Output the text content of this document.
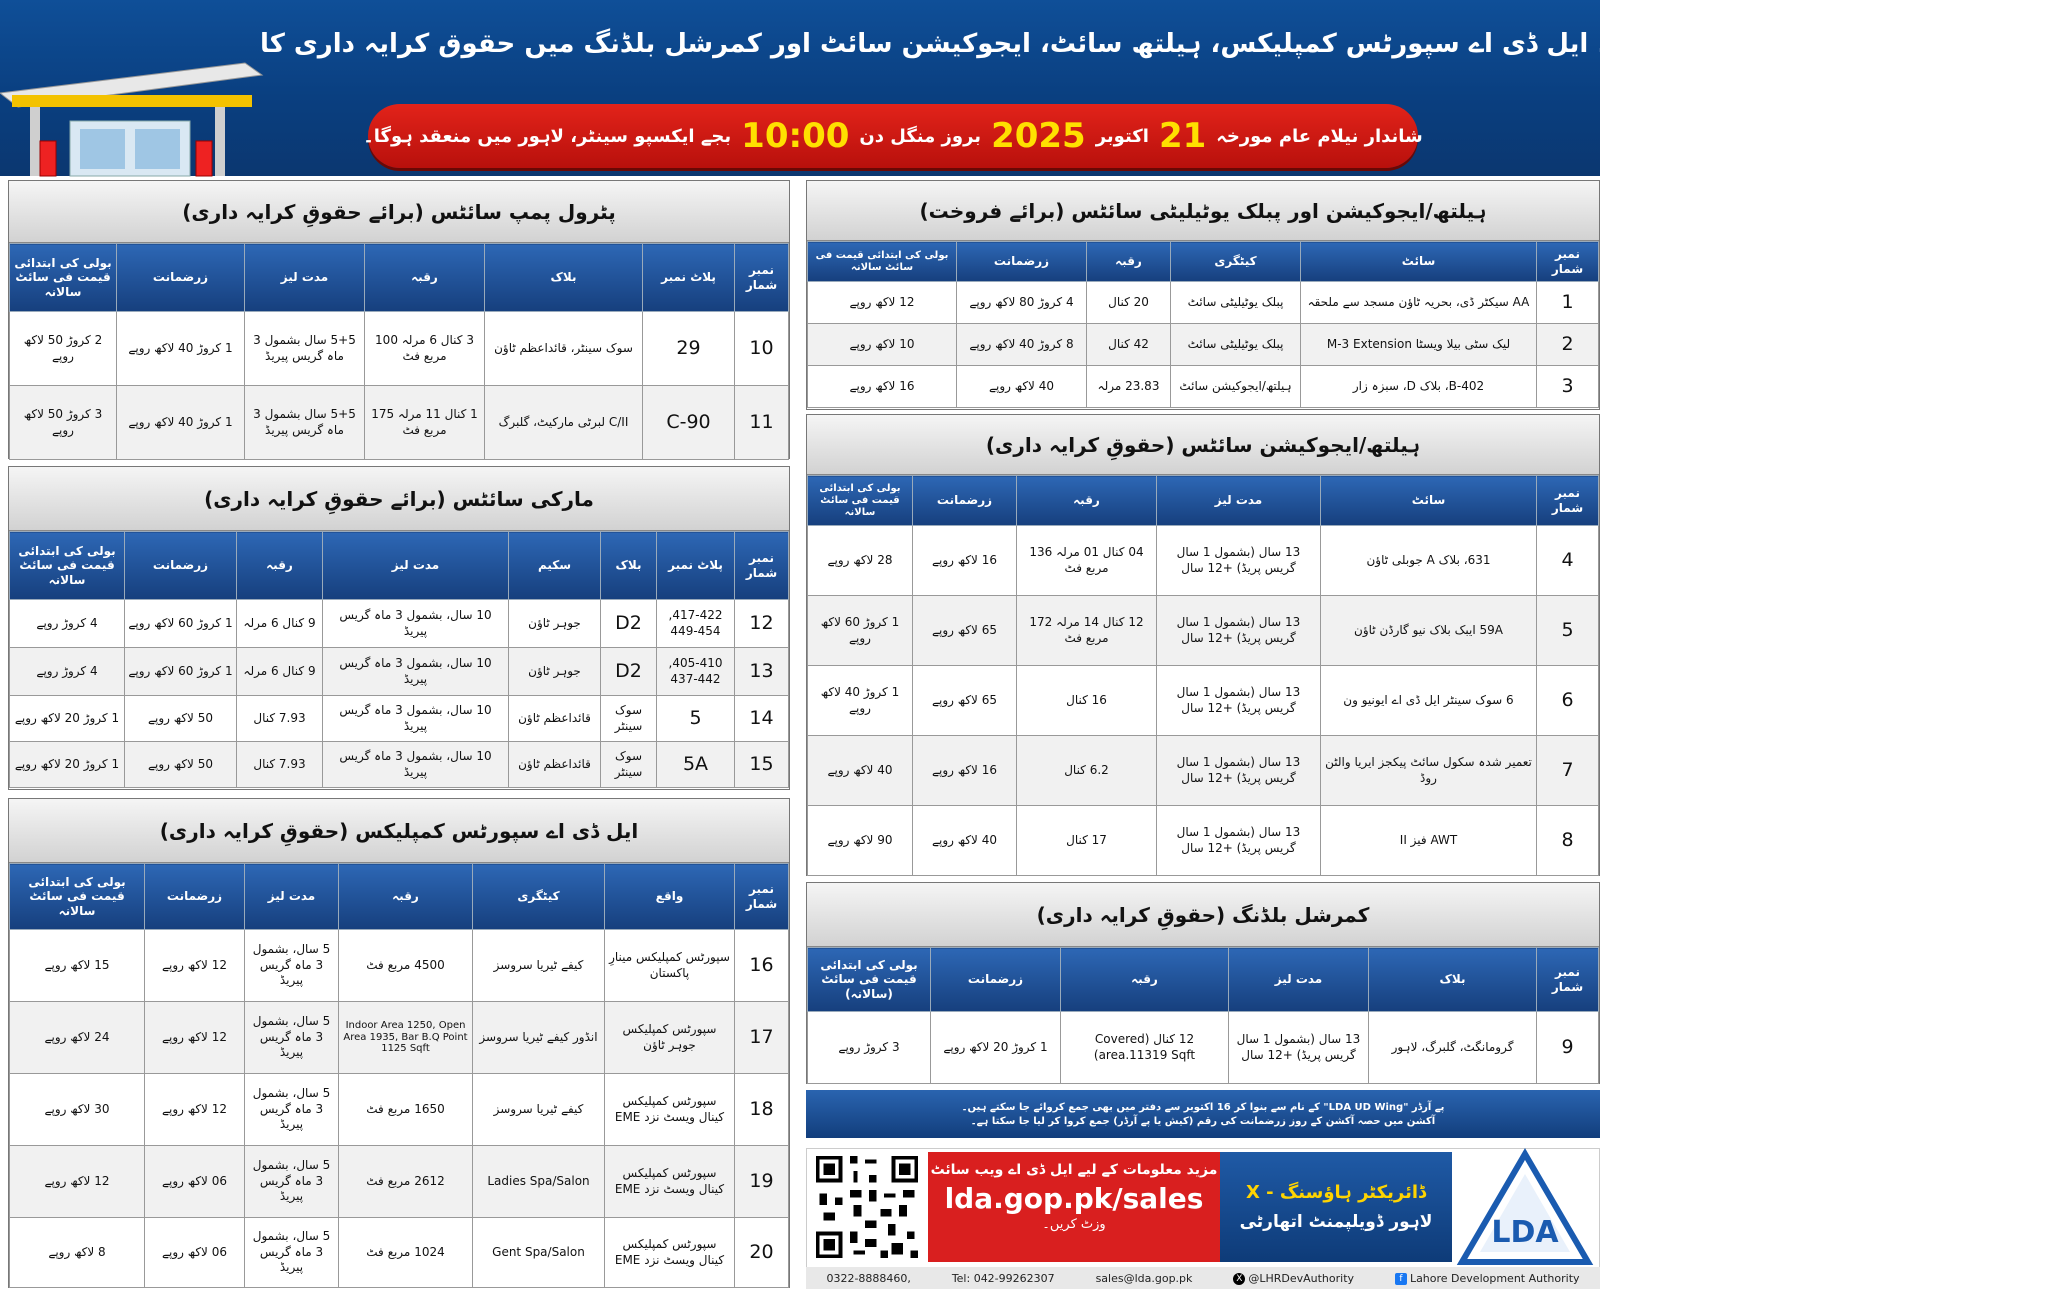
پیٹرول پمپ سائٹس، مارکی سائٹس، ایل ڈی اے سپورٹس کمپلیکس، ہیلتھ سائٹ، ایجوکیشن سائٹ اور کمرشل بلڈنگ میں حقوق کرایہ داری کا
شاندار نیلام عام مورخہ
21
اکتوبر
2025
بروز منگل دن
10:00
بجے ایکسپو سینٹر، لاہور میں منعقد ہوگا۔
پٹرول پمپ سائٹس (برائے حقوقِ کرایہ داری)
نمبر شمار	پلاٹ نمبر	بلاک	رقبہ	مدت لیز	زرضمانت	بولی کی ابتدائی قیمت فی سائٹ سالانہ
10	29	سوک سینٹر، قائداعظم ٹاؤن	3 کنال 6 مرلہ 100 مربع فٹ	5+5 سال بشمول 3 ماہ گریس پیریڈ	1 کروڑ 40 لاکھ روپے	2 کروڑ 50 لاکھ روپے
11	90-C	C/II لبرٹی مارکیٹ، گلبرگ	1 کنال 11 مرلہ 175 مربع فٹ	5+5 سال بشمول 3 ماہ گریس پیریڈ	1 کروڑ 40 لاکھ روپے	3 کروڑ 50 لاکھ روپے
مارکی سائٹس (برائے حقوقِ کرایہ داری)
نمبر شمار	پلاٹ نمبر	بلاک	سکیم	مدت لیز	رقبہ	زرضمانت	بولی کی ابتدائی قیمت فی سائٹ سالانہ
12	417-422, 449-454	D2	جوہر ٹاؤن	10 سال، بشمول 3 ماہ گریس پیریڈ	9 کنال 6 مرلہ	1 کروڑ 60 لاکھ روپے	4 کروڑ روپے
13	405-410, 437-442	D2	جوہر ٹاؤن	10 سال، بشمول 3 ماہ گریس پیریڈ	9 کنال 6 مرلہ	1 کروڑ 60 لاکھ روپے	4 کروڑ روپے
14	5	سوک سینٹر	قائداعظم ٹاؤن	10 سال، بشمول 3 ماہ گریس پیریڈ	7.93 کنال	50 لاکھ روپے	1 کروڑ 20 لاکھ روپے
15	5A	سوک سینٹر	قائداعظم ٹاؤن	10 سال، بشمول 3 ماہ گریس پیریڈ	7.93 کنال	50 لاکھ روپے	1 کروڑ 20 لاکھ روپے
ایل ڈی اے سپورٹس کمپلیکس (حقوقِ کرایہ داری)
نمبر شمار	واقع	کیٹگری	رقبہ	مدت لیز	زرضمانت	بولی کی ابتدائی قیمت فی سائٹ سالانہ
16	سپورٹس کمپلیکس مینارِ پاکستان	کیفے ٹیریا سروسز	4500 مربع فٹ	5 سال، بشمول 3 ماہ گریس پیریڈ	12 لاکھ روپے	15 لاکھ روپے
17	سپورٹس کمپلیکس جوہر ٹاؤن	انڈور کیفے ٹیریا سروسز	Indoor Area 1250, Open Area 1935, Bar B.Q Point 1125 Sqft	5 سال، بشمول 3 ماہ گریس پیریڈ	12 لاکھ روپے	24 لاکھ روپے
18	سپورٹس کمپلیکس کینال ویسٹ نزد EME	کیفے ٹیریا سروسز	1650 مربع فٹ	5 سال، بشمول 3 ماہ گریس پیریڈ	12 لاکھ روپے	30 لاکھ روپے
19	سپورٹس کمپلیکس کینال ویسٹ نزد EME	Ladies Spa/Salon	2612 مربع فٹ	5 سال، بشمول 3 ماہ گریس پیریڈ	06 لاکھ روپے	12 لاکھ روپے
20	سپورٹس کمپلیکس کینال ویسٹ نزد EME	Gent Spa/Salon	1024 مربع فٹ	5 سال، بشمول 3 ماہ گریس پیریڈ	06 لاکھ روپے	8 لاکھ روپے
ہیلتھ/ایجوکیشن اور پبلک یوٹیلیٹی سائٹس (برائے فروخت)
نمبر شمار	سائٹ	کیٹگری	رقبہ	زرضمانت	بولی کی ابتدائی قیمت فی سائٹ سالانہ
1	AA سیکٹر ڈی، بحریہ ٹاؤن مسجد سے ملحقہ	پبلک یوٹیلیٹی سائٹ	20 کنال	4 کروڑ 80 لاکھ روپے	12 لاکھ روپے
2	لیک سٹی بیلا ویسٹا M-3 Extension	پبلک یوٹیلیٹی سائٹ	42 کنال	8 کروڑ 40 لاکھ روپے	10 لاکھ روپے
3	402-B، بلاک D، سبزہ زار	ہیلتھ/ایجوکیشن سائٹ	23.83 مرلہ	40 لاکھ روپے	16 لاکھ روپے
ہیلتھ/ایجوکیشن سائٹس (حقوقِ کرایہ داری)
نمبر شمار	سائٹ	مدت لیز	رقبہ	زرضمانت	بولی کی ابتدائی قیمت فی سائٹ سالانہ
4	631، بلاک A جوبلی ٹاؤن	13 سال (بشمول 1 سال گریس پریڈ) +12 سال	04 کنال 01 مرلہ 136 مربع فٹ	16 لاکھ روپے	28 لاکھ روپے
5	59A ایبک بلاک نیو گارڈن ٹاؤن	13 سال (بشمول 1 سال گریس پریڈ) +12 سال	12 کنال 14 مرلہ 172 مربع فٹ	65 لاکھ روپے	1 کروڑ 60 لاکھ روپے
6	6 سوک سینٹر ایل ڈی اے ایونیو ون	13 سال (بشمول 1 سال گریس پریڈ) +12 سال	16 کنال	65 لاکھ روپے	1 کروڑ 40 لاکھ روپے
7	تعمیر شدہ سکول سائٹ پیکجز ایریا والٹن روڈ	13 سال (بشمول 1 سال گریس پریڈ) +12 سال	6.2 کنال	16 لاکھ روپے	40 لاکھ روپے
8	AWT فیز II	13 سال (بشمول 1 سال گریس پریڈ) +12 سال	17 کنال	40 لاکھ روپے	90 لاکھ روپے
کمرشل بلڈنگ (حقوقِ کرایہ داری)
نمبر شمار	بلاک	مدت لیز	رقبہ	زرضمانت	بولی کی ابتدائی قیمت فی سائٹ (سالانہ)
9	گرومانگٹ، گلبرگ، لاہور	13 سال (بشمول 1 سال گریس پریڈ) +12 سال	12 کنال (Covered area.11319 Sqft)	1 کروڑ 20 لاکھ روپے	3 کروڑ روپے
پے آرڈر "LDA UD Wing" کے نام سے بنوا کر 16 اکتوبر سے دفتر میں بھی جمع کروائے جا سکتے ہیں۔
آکشن میں حصہ آکشن کے روز زرضمانت کی رقم (کیش یا پے آرڈر) جمع کروا کر لیا جا سکتا ہے۔
مزید معلومات کے لیے ایل ڈی اے ویب سائٹ
lda.gop.pk/sales
وزٹ کریں۔
ڈائریکٹر ہاؤسنگ - X
لاہور ڈویلپمنٹ اتھارٹی	LDA
0322-8888460,	Tel: 042-99262307	sales@lda.gop.pk	X @LHRDevAuthority	f Lahore Development Authority
